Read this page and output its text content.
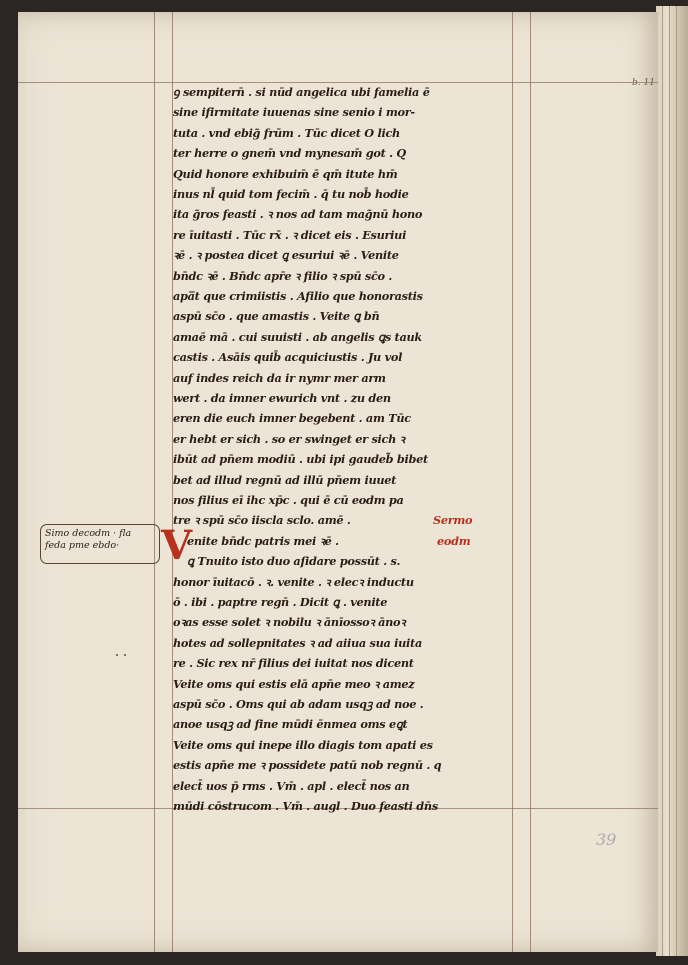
b. 11
Simo decodm · fla
feda pme ebdo·
39
ꝯ sempitern̄ . si nūd angelica ubi famelia ē
sine ifirmitate iuuenas sine senio i mor-
tuta . vnd ebig̃ frūm . Tūc dicet O lich
ter herre o gnem̄ vnd mynesam̄ got . Q
Quid honore exhibuim̄ ē qm̄ itute hm̄
inus nl̄ quid tom fecim̄ . q̄ tu nob̄ hodie
ita g̃ros feasti . ꝛ nos ad tam mag̃nū hono
re īuitasti . Tūc rx̄ . ꝛ dicet eis . Esuriui
ꝛē . ꝛ postea dicet ꝗ esuriui ꝛē . Venite
bn̄dc ꝛē . Bn̄dc apr̄e ꝛ filio ꝛ spū sc̄o .
apa̅t que crimiistis . Afilio que honorastis
aspū sc̄o . que amastis . Veite ꝗ bn̄
amaē mā . cui suuisti . ab angelis ꝗs tauk
castis . Asāis quib̄ acquiciustis . Ju vol
auf indes reich da ir nymr mer arm
wert . da imner ewurich vnt . zu den
eren die euch imner begebent . am Tūc
er hebt er sich . so er swinget er sich ꝛ
ibūt ad pn̄em modiū . ubi ipi gaudeb̃ bibet
bet ad illud regnū ad illū pn̄em iuuet
nos filius eī ihc xp̄c . qui ē cū eodm pa
tre ꝛ spū sc̄o iiscla sclo. amē .	Sermo
V
enite bn̄dc patris mei ꝛē .	eodm
ꝗ Tnuito isto duo aſidare possūt . s.
honor īuitacō . ꝛ. venite . ꝛ elecꝛ inductu
ō . ibi . paptre regn̄ . Dicit ꝗ . venite
oꝛas esse solet ꝛ nobilu ꝛ ānīossoꝛ ānoꝛ
hotes ad sollepnitates ꝛ ad aiiua sua iuita
re . Sic rex nr̄ filius dei iuitat nos dicent
Veite oms qui estis elā apn̄e meo ꝛ amez
aspū sc̄o . Oms qui ab adam usqꝫ ad noe .
anoe usqꝫ ad fine mūdi ēnmea oms eꝗt
Veite oms qui inepe illo diagis tom apati es
estis apn̄e me ꝛ possidete patū nob regnū . q
elect̄ uos p̄ rms . Vm̄ . apl . elect̄ nos an
mūdi cōstrucom . Vm̄ . augl . Duo feasti dn̄s
